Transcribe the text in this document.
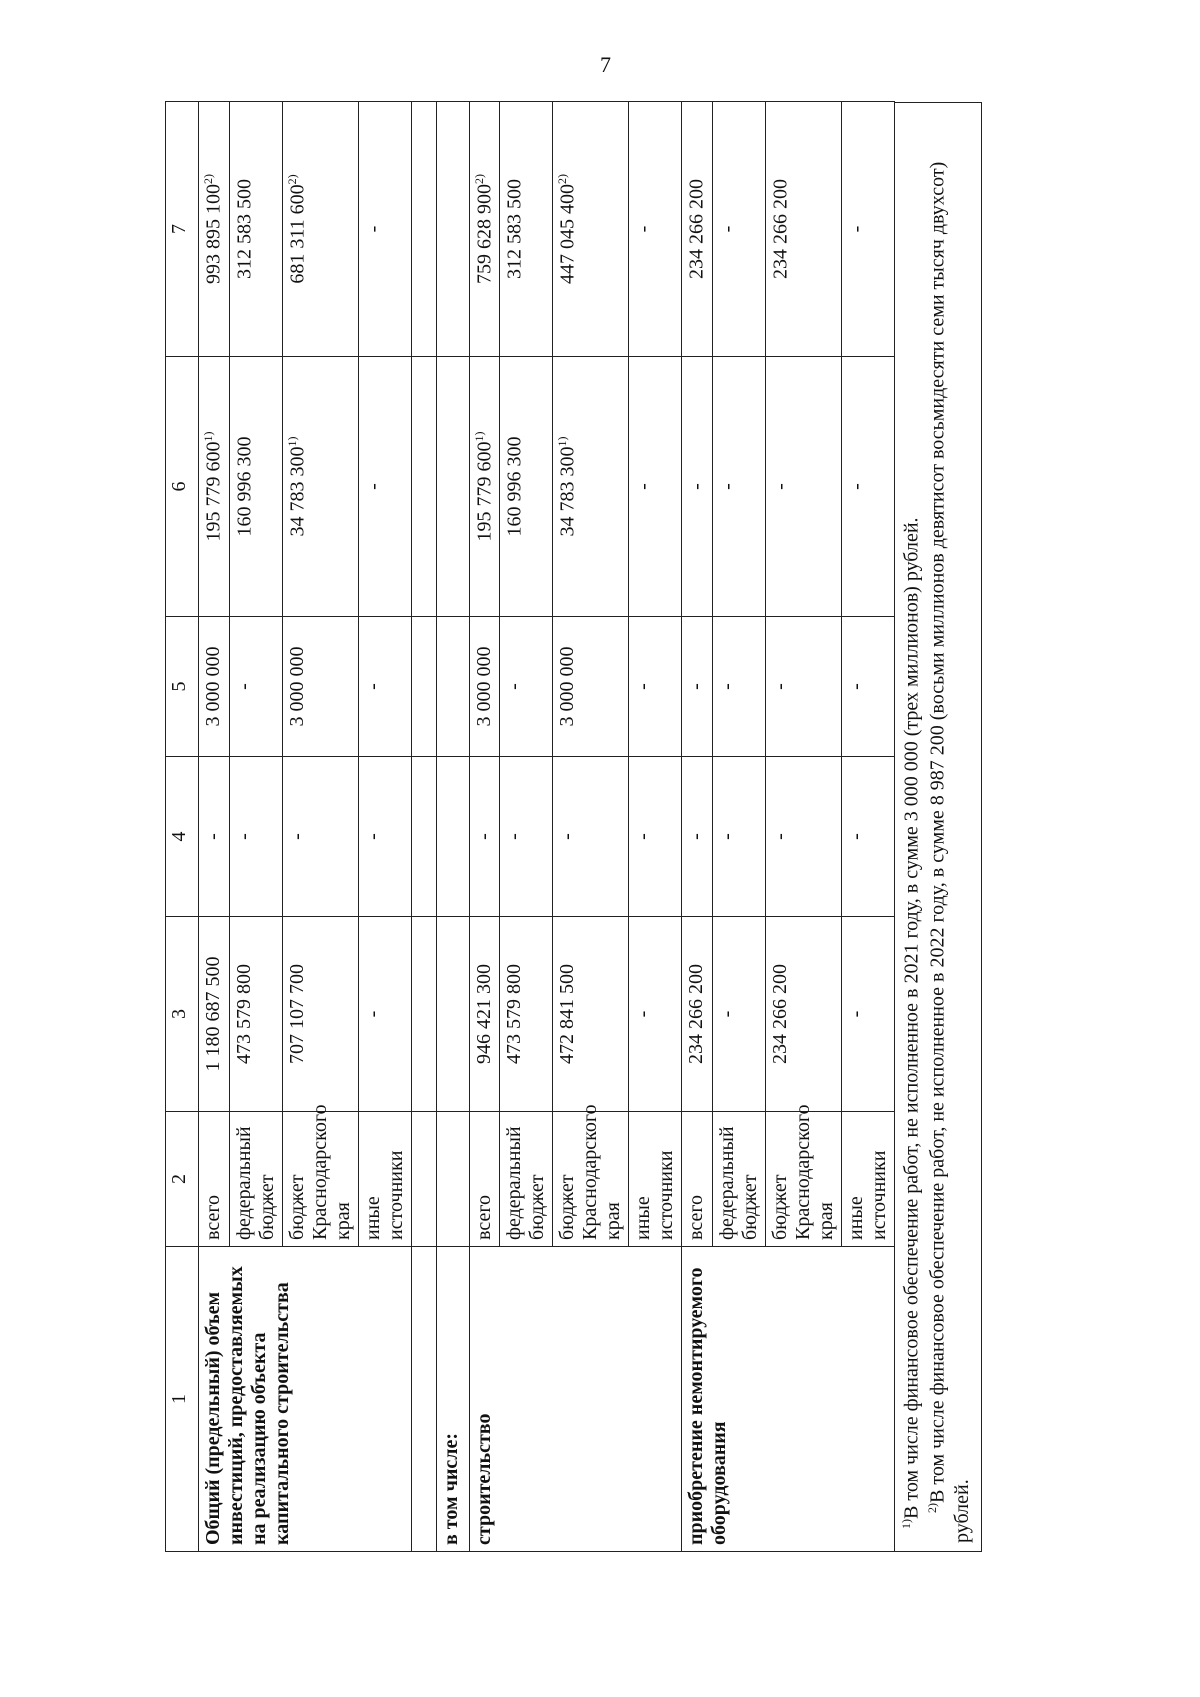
7
1	2	3	4	5	6	7
Общий (предельный) объем инвестиций, предоставляемых на реализацию объекта капитального строительства	всего	1 180 687 500	-	3 000 000	195 779 600$^{1)}$	993 895 100$^{2)}$
	федеральный бюджет	473 579 800	-	-	160 996 300	312 583 500
	бюджет Краснодарского края	707 107 700	-	3 000 000	34 783 300$^{1)}$	681 311 600$^{2)}$
	иные источники	-	-	-	-	-

в том числе:						
строительство	всего	946 421 300	-	3 000 000	195 779 600$^{1)}$	759 628 900$^{2)}$
	федеральный бюджет	473 579 800	-	-	160 996 300	312 583 500
	бюджет Краснодарского края	472 841 500	-	3 000 000	34 783 300$^{1)}$	447 045 400$^{2)}$
	иные источники	-	-	-	-	-
приобретение немонтируемого оборудования	всего	234 266 200	-	-	-	234 266 200
	федеральный бюджет	-	-	-	-	-
	бюджет Краснодарского края	234 266 200	-	-	-	234 266 200
	иные источники	-	-	-	-	-

$^{1)}$В том числе финансовое обеспечение работ, не исполненное в 2021 году, в сумме 3 000 000 (трех миллионов) рублей. $^{2)}$В том числе финансовое обеспечение работ, не исполненное в 2022 году, в сумме 8 987 200 (восьми миллионов девятисот восьмидесяти семи тысяч двухсот) рублей.
